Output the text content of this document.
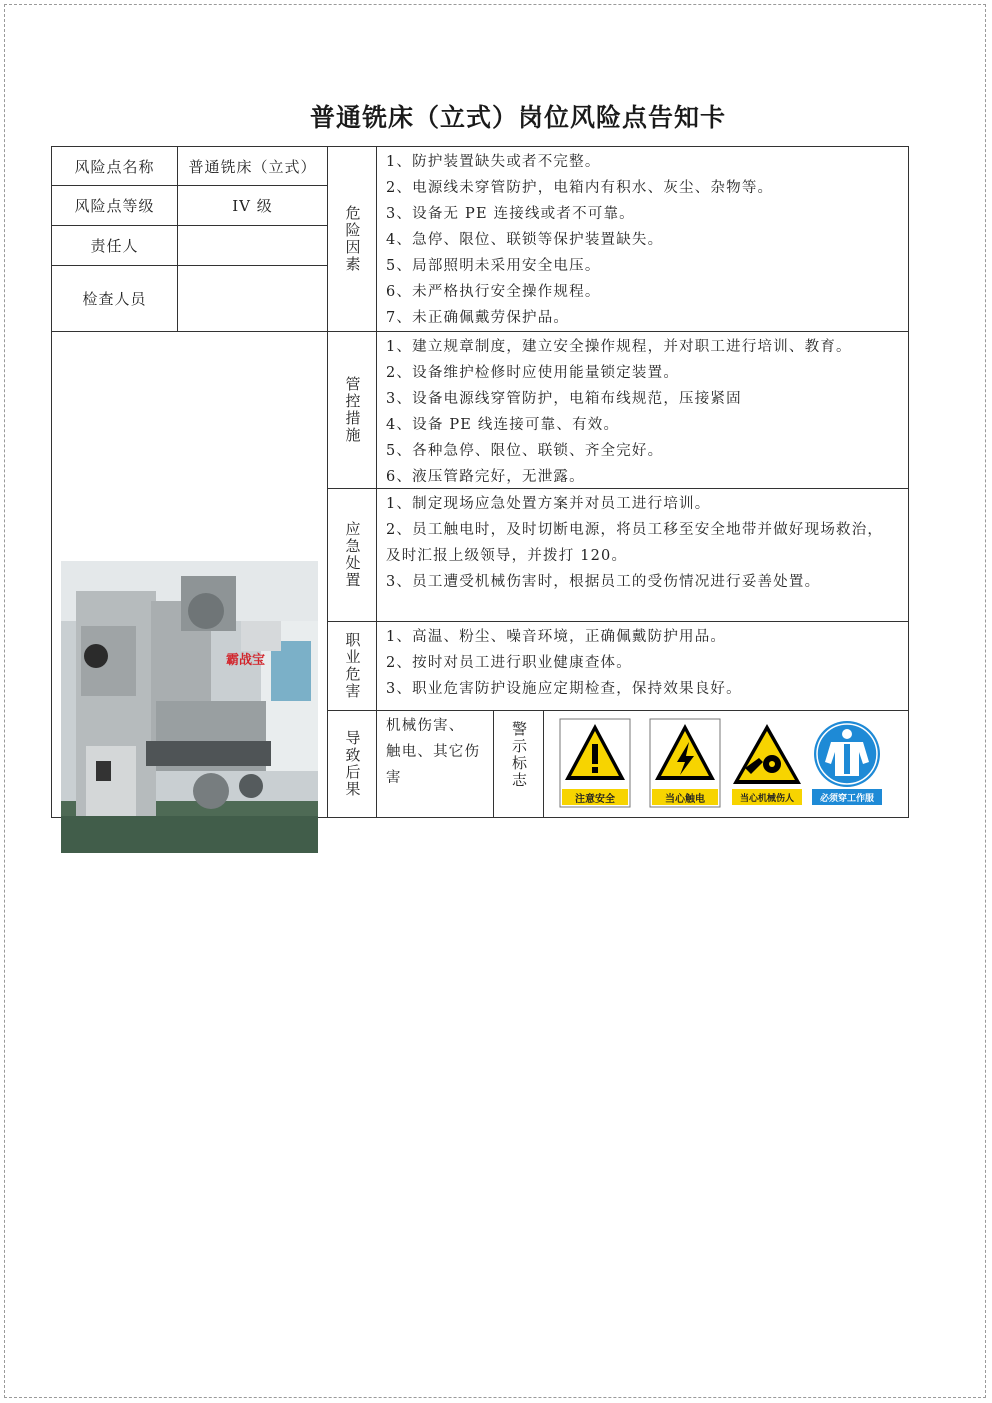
普通铣床（立式）岗位风险点告知卡
风险点名称	普通铣床（立式）
风险点等级	IV 级
责任人
检查人员
霸战宝
危险因素
1、防护装置缺失或者不完整。
2、电源线未穿管防护，电箱内有积水、灰尘、杂物等。
3、设备无 PE 连接线或者不可靠。
4、急停、限位、联锁等保护装置缺失。
5、局部照明未采用安全电压。
6、未严格执行安全操作规程。
7、未正确佩戴劳保护品。
管控措施
1、建立规章制度，建立安全操作规程，并对职工进行培训、教育。
2、设备维护检修时应使用能量锁定装置。
3、设备电源线穿管防护，电箱布线规范，压接紧固
4、设备 PE 线连接可靠、有效。
5、各种急停、限位、联锁、齐全完好。
6、液压管路完好，无泄露。
应急处置
1、制定现场应急处置方案并对员工进行培训。
2、员工触电时，及时切断电源，将员工移至安全地带并做好现场救治，
及时汇报上级领导，并拨打 120。
3、员工遭受机械伤害时，根据员工的受伤情况进行妥善处置。
职业危害 1、高温、粉尘、噪音环境，正确佩戴防护用品。
2、按时对员工进行职业健康查体。
3、职业危害防护设施应定期检查，保持效果良好。
导致后果
机械伤害、
触电、其它伤
害	警示标志
注意安全	当心触电	当心机械伤人	必须穿工作服
